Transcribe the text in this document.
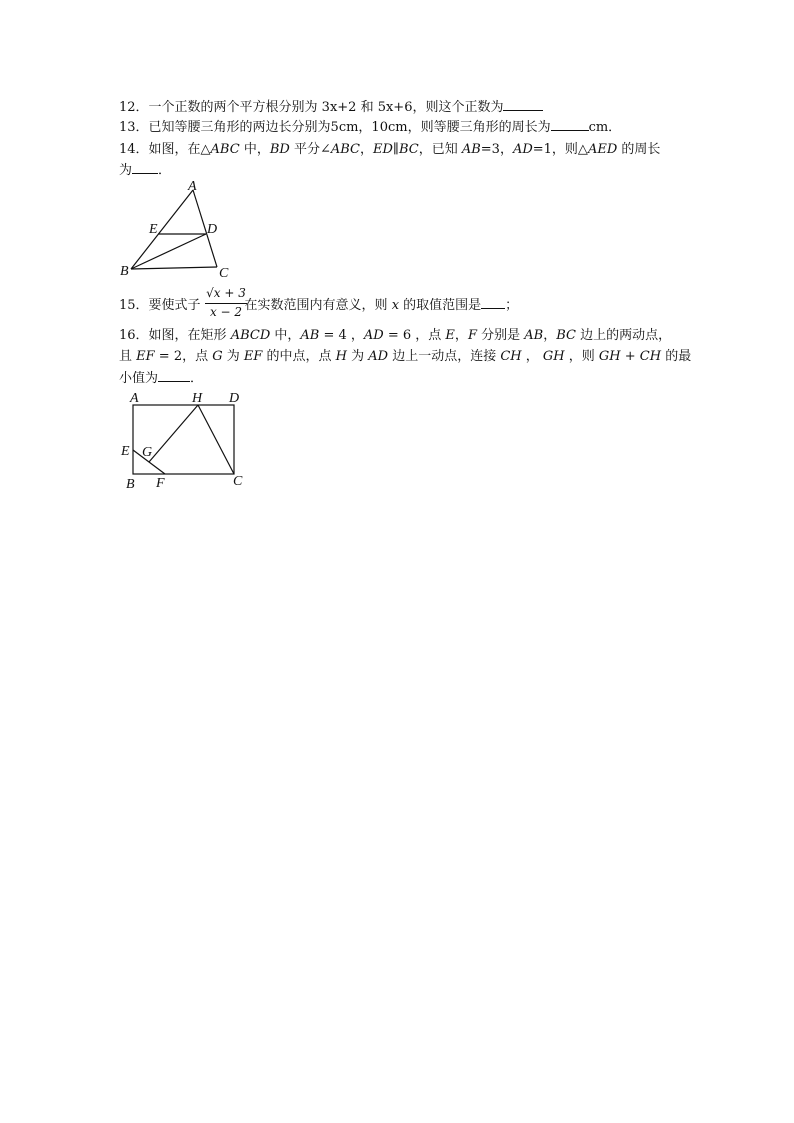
12．一个正数的两个平方根分别为 3x+2 和 5x+6，则这个正数为
13．已知等腰三角形的两边长分别为5cm，10cm，则等腰三角形的周长为	cm．
14．如图，在△ABC 中，BD 平分∠ABC，ED∥BC，已知 AB=3，AD=1，则△AED 的周长
为 ．
A
E	D
B	C
15．要使式子	在实数范围内有意义，则 x 的取值范围是 ；
√x + 3
x − 2
16．如图，在矩形 ABCD 中，AB = 4 ，AD = 6 ，点 E，F 分别是 AB，BC 边上的两动点，
且 EF = 2，点 G 为 EF 的中点，点 H 为 AD 边上一动点，连接 CH ， GH ，则 GH + CH 的最
小值为 ．
A	H D
E G
B F	C
